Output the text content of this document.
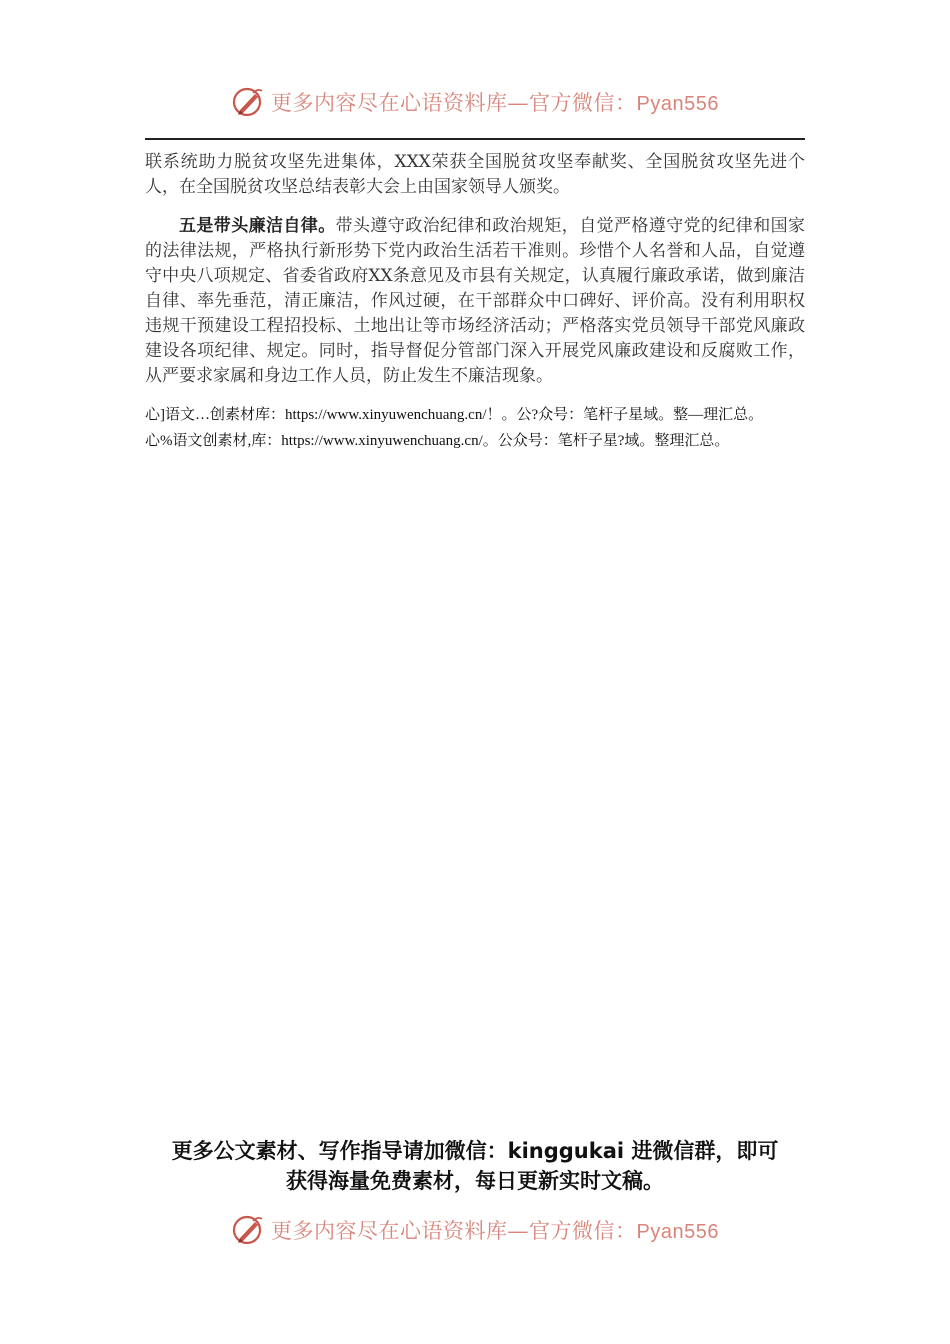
更多内容尽在心语资料库—官方微信：Pyan556

联系统助力脱贫攻坚先进集体，XXX荣获全国脱贫攻坚奉献奖、全国脱贫攻坚先进个人，在全国脱贫攻坚总结表彰大会上由国家领导人颁奖。

五是带头廉洁自律。带头遵守政治纪律和政治规矩，自觉严格遵守党的纪律和国家的法律法规，严格执行新形势下党内政治生活若干准则。珍惜个人名誉和人品，自觉遵守中央八项规定、省委省政府XX条意见及市县有关规定，认真履行廉政承诺，做到廉洁自律、率先垂范，清正廉洁，作风过硬，在干部群众中口碑好、评价高。没有利用职权违规干预建设工程招投标、土地出让等市场经济活动；严格落实党员领导干部党风廉政建设各项纪律、规定。同时，指导督促分管部门深入开展党风廉政建设和反腐败工作，从严要求家属和身边工作人员，防止发生不廉洁现象。

心]语文…创素材库：https://www.xinyuwenchuang.cn/！。公?众号：笔杆子星域。整—理汇总。

心%语文创素材,库：https://www.xinyuwenchuang.cn/。公众号：笔杆子星?域。整理汇总。

更多公文素材、写作指导请加微信：kinggukai 进微信群，即可
获得海量免费素材，每日更新实时文稿。
更多内容尽在心语资料库—官方微信：Pyan556
